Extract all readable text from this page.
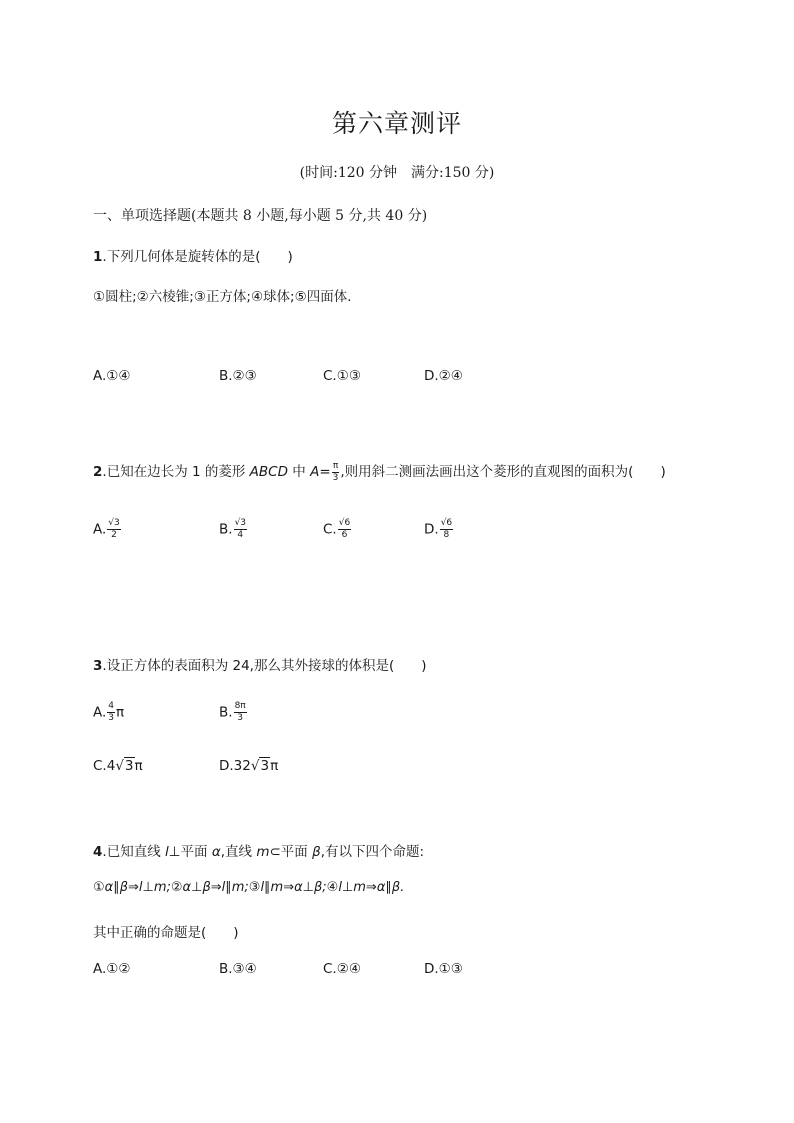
第六章测评
(时间:120 分钟　满分:150 分)
一、单项选择题(本题共 8 小题,每小题 5 分,共 40 分)
1.下列几何体是旋转体的是(　　)
①圆柱;②六棱锥;③正方体;④球体;⑤四面体.
A.①④	B.②③	C.①③	D.②④
2.已知在边长为 1 的菱形 ABCD 中 $A= \frac{\pi}{3}$ ,则用斜二测画法画出这个菱形的直观图的面积为(　　)
A. $\frac{√3}{2}$	B. $\frac{√3}{4}$	C. $\frac{√6}{6}$	D. $\frac{√6}{8}$
3.设正方体的表面积为 24,那么其外接球的体积是(　　)
A. $\frac{4}{3}$ π	B. $\frac{8\pi}{3}$
C.4√3π	D.32√3π
4.已知直线 l⊥平面 α,直线 m⊂平面 β,有以下四个命题:
①α∥β⇒l⊥m;②α⊥β⇒l∥m;③l∥m⇒α⊥β;④l⊥m⇒α∥β.
其中正确的命题是(　　)
A.①②	B.③④	C.②④	D.①③
